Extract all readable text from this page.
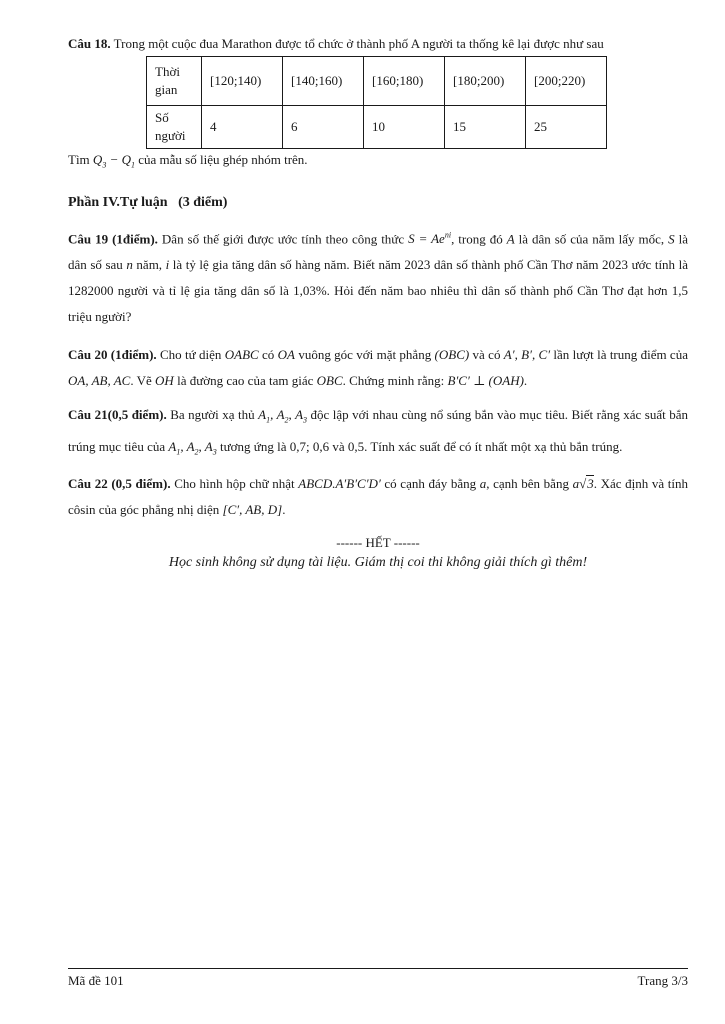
Câu 18. Trong một cuộc đua Marathon được tổ chức ở thành phố A người ta thống kê lại được như sau

Thời gian	[120;140)	[140;160)	[160;180)	[180;200)	[200;220)
Số người	4	6	10	15	25

Tìm $Q_3 - Q_1$ của mẫu số liệu ghép nhóm trên.

Phần IV.Tự luận (3 điểm)

Câu 19 (1điểm). Dân số thế giới được ước tính theo công thức $S = Ae^{ni}$, trong đó A là dân số của năm lấy mốc, S là dân số sau n năm, i là tỷ lệ gia tăng dân số hàng năm. Biết năm 2023 dân số thành phố Cần Thơ năm 2023 ước tính là 1282000 người và tỉ lệ gia tăng dân số là 1,03%. Hỏi đến năm bao nhiêu thì dân số thành phố Cần Thơ đạt hơn 1,5 triệu người?

Câu 20 (1điểm). Cho tứ diện OABC có OA vuông góc với mặt phẳng (OBC) và có A′, B′, C′ lần lượt là trung điểm của OA, AB, AC. Vẽ OH là đường cao của tam giác OBC. Chứng minh rằng: B′C′ ⊥ (OAH).

Câu 21(0,5 điểm). Ba người xạ thủ $A_1$, $A_2$, $A_3$ độc lập với nhau cùng nổ súng bắn vào mục tiêu. Biết rằng xác suất bắn trúng mục tiêu của $A_1$, $A_2$, $A_3$ tương ứng là 0,7; 0,6 và 0,5. Tính xác suất để có ít nhất một xạ thủ bắn trúng.

Câu 22 (0,5 điểm). Cho hình hộp chữ nhật ABCD.A′B′C′D′ có cạnh đáy bằng a, cạnh bên bằng a√3. Xác định và tính côsin của góc phẳng nhị diện [C′, AB, D].

------ HẾT ------

Học sinh không sử dụng tài liệu. Giám thị coi thi không giải thích gì thêm!

Mã đề 101	Trang 3/3
